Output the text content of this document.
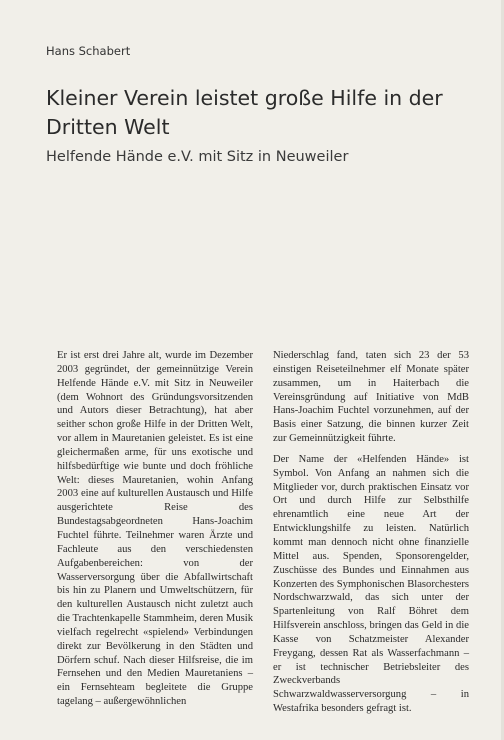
Hans Schabert
Kleiner Verein leistet große Hilfe in der Dritten Welt
Helfende Hände e.V. mit Sitz in Neuweiler

Er ist erst drei Jahre alt, wurde im Dezember 2003 gegründet, der gemeinnützige Verein Helfende Hände e.V. mit Sitz in Neuweiler (dem Wohnort des Gründungsvorsitzenden und Autors dieser Betrachtung), hat aber seither schon große Hilfe in der Dritten Welt, vor allem in Mauretanien geleistet. Es ist eine gleichermaßen arme, für uns exotische und hilfsbedürftige wie bunte und doch fröhliche Welt: dieses Mauretanien, wohin Anfang 2003 eine auf kulturellen Austausch und Hilfe ausgerichtete Reise des Bundestagsabgeordneten Hans-Joachim Fuchtel führte. Teilnehmer waren Ärzte und Fachleute aus den verschiedensten Aufgabenbereichen: von der Wasserversorgung über die Abfallwirtschaft bis hin zu Planern und Umweltschützern, für den kulturellen Austausch nicht zuletzt auch die Trachtenkapelle Stammheim, deren Musik vielfach regelrecht «spielend» Verbindungen direkt zur Bevölkerung in den Städten und Dörfern schuf. Nach dieser Hilfsreise, die im Fernsehen und den Medien Mauretaniens – ein Fernsehteam begleitete die Gruppe tagelang – außergewöhnlichen

Niederschlag fand, taten sich 23 der 53 einstigen Reiseteilnehmer elf Monate später zusammen, um in Haiterbach die Vereinsgründung auf Initiative von MdB Hans-Joachim Fuchtel vorzunehmen, auf der Basis einer Satzung, die binnen kurzer Zeit zur Gemeinnützigkeit führte.

Der Name der «Helfenden Hände» ist Symbol. Von Anfang an nahmen sich die Mitglieder vor, durch praktischen Einsatz vor Ort und durch Hilfe zur Selbsthilfe ehrenamtlich eine neue Art der Entwicklungshilfe zu leisten. Natürlich kommt man dennoch nicht ohne finanzielle Mittel aus. Spenden, Sponsorengelder, Zuschüsse des Bundes und Einnahmen aus Konzerten des Symphonischen Blasorchesters Nordschwarzwald, das sich unter der Spartenleitung von Ralf Böhret dem Hilfsverein anschloss, bringen das Geld in die Kasse von Schatzmeister Alexander Freygang, dessen Rat als Wasserfachmann – er ist technischer Betriebsleiter des Zweckverbands Schwarzwaldwasserversorgung – in Westafrika besonders gefragt ist.
